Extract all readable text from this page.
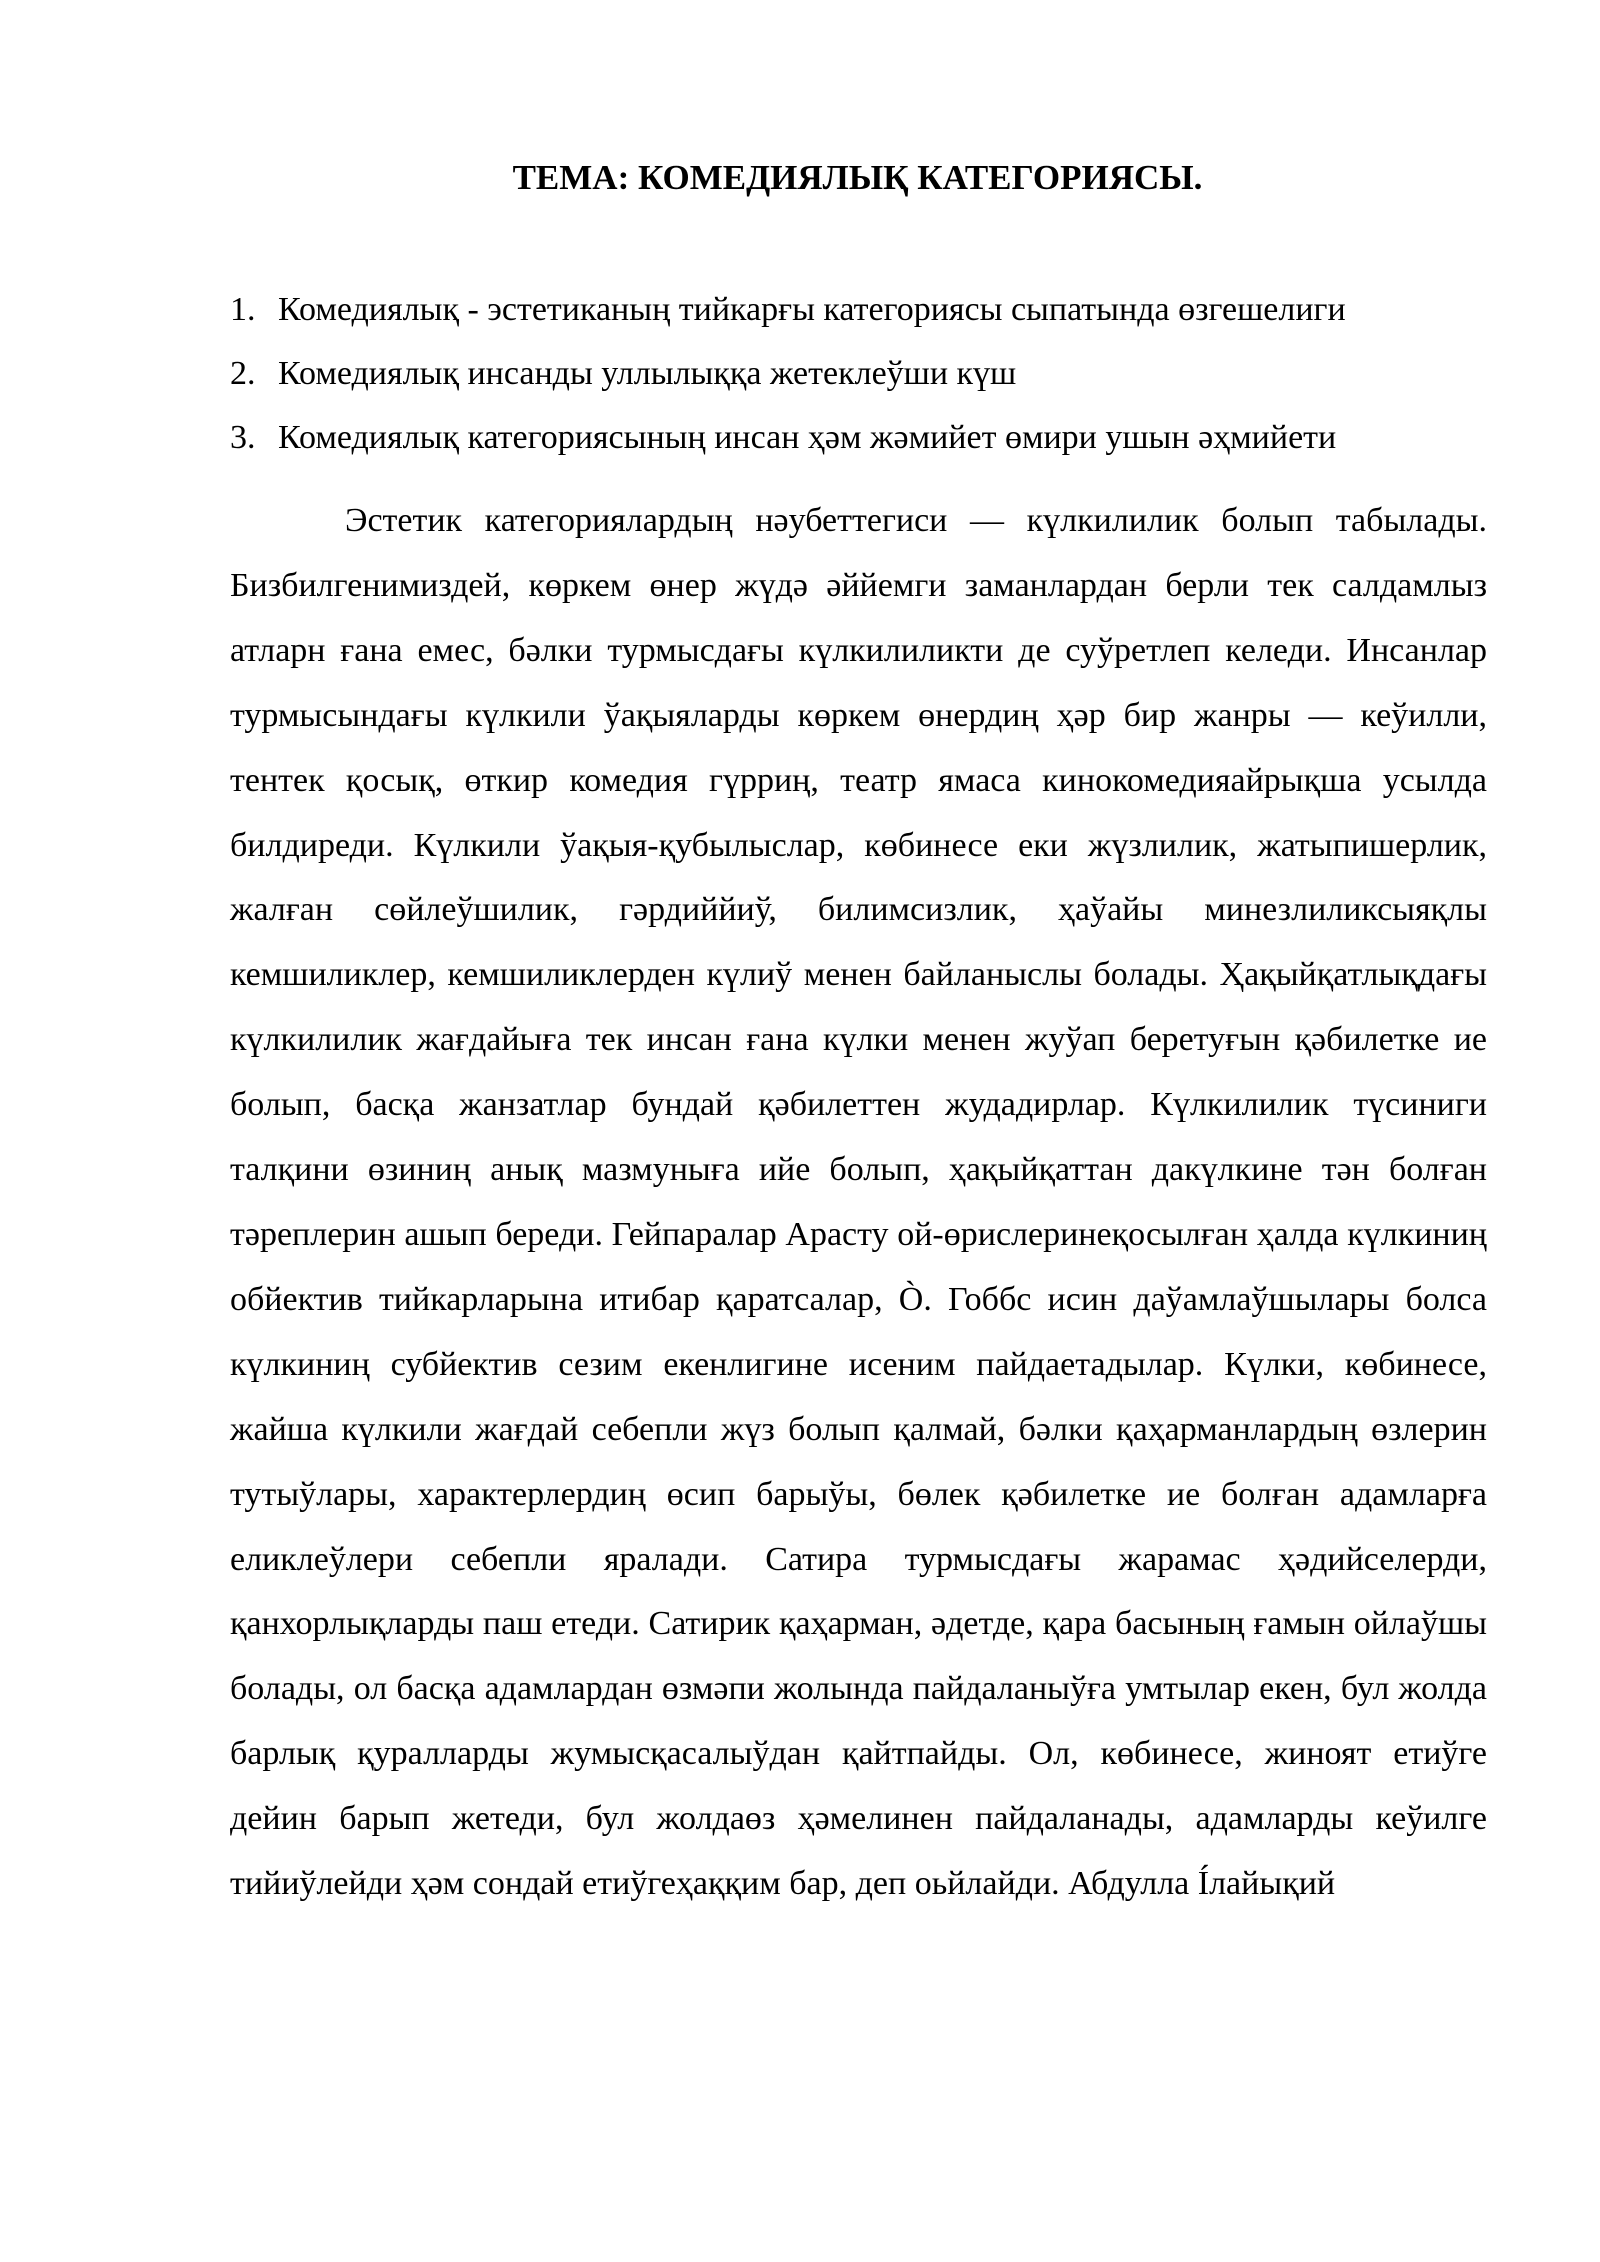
ТЕМА: КОМЕДИЯЛЫҚ КАТЕГОРИЯСЫ.
1. Комедиялық - эстетиканың тийкарғы категориясы сыпатында өзгешелиги
2. Комедиялық инсанды уллылыққа жетеклеўши күш
3. Комедиялық категориясының инсан ҳәм жәмийет өмири ушын әҳмийети

Эстетик категориялардың нәубеттегиси — күлкилилик болып табылады. Бизбилгенимиздей, көркем өнер жүдә әййемги заманлардан берли тек салдамлыз атларн ғана емес, бәлки турмысдағы күлкилиликти де суўретлеп келеди. Инсанлар турмысындағы күлкили ўақыяларды көркем өнердиң ҳәр бир жанры — кеўилли, тентек қосық, өткир комедия гүрриң, театр ямаса кинокомедияайрықша усылда билдиреди. Күлкили ўақыя-қубылыслар, көбинесе еки жүзлилик, жатыпишерлик, жалған сөйлеўшилик, гәрдиййиў, билимсизлик, ҳаўайы минезлиликсыяқлы кемшиликлер, кемшиликлерден күлиў менен байланыслы болады. Ҳақыйқатлықдағы күлкилилик жағдайыға тек инсан ғана күлки менен жуўап беретуғын қәбилетке ие болып, басқа жанзатлар бундай қәбилеттен жудадирлар. Күлкилилик түсиниги талқини өзиниң анық мазмуныға ийе болып, ҳақыйқаттан дакүлкине тән болған тәреплерин ашып береди. Гейпаралар Арасту ой-өрислеринеқосылған ҳалда күлкиниң обйектив тийкарларына итибар қаратсалар, Ò. Гоббс исин даўамлаўшылары болса күлкиниң субйектив сезим екенлигине исеним пайдаетадылар. Күлки, көбинесе, жайша күлкили жағдай себепли жүз болып қалмай, бәлки қаҳарманлардың өзлерин тутыўлары, характерлердиң өсип барыўы, бөлек қәбилетке ие болған адамларға еликлеўлери себепли яралади. Сатира турмысдағы жарамас ҳәдийселерди, қанхорлықларды паш етеди. Сатирик қаҳарман, әдетде, қара басының ғамын ойлаўшы болады, ол басқа адамлардан өзмәпи жолында пайдаланыўға умтылар екен, бул жолда барлық қуралларды жумысқасалыўдан қайтпайды. Ол, көбинесе, жиноят етиўге дейин барып жетеди, бул жолдаөз ҳәмелинен пайдаланады, адамларды кеўилге тийиўлейди ҳәм сондай етиўгеҳаққим бар, деп оьйлайди. Абдулла Íлайықий
